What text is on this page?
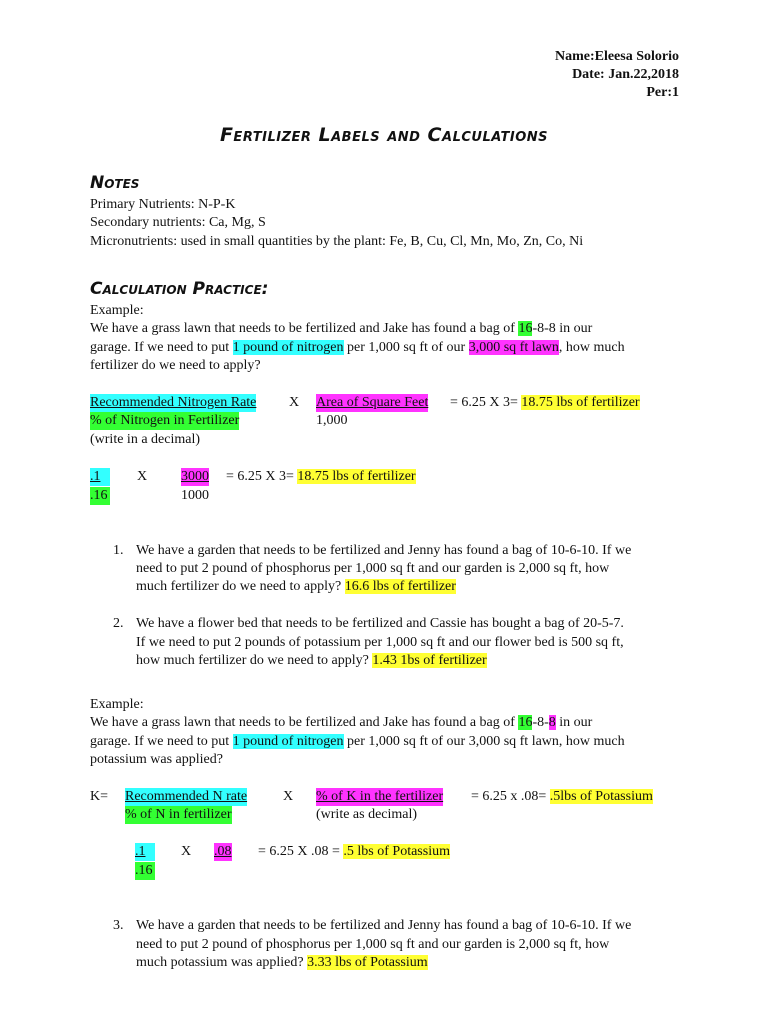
Name:Eleesa Solorio
Date: Jan.22,2018
Per:1
Fertilizer Labels and Calculations
Notes
Primary Nutrients: N-P-K
Secondary nutrients: Ca, Mg, S
Micronutrients: used in small quantities by the plant: Fe, B, Cu, Cl, Mn, Mo, Zn, Co, Ni
Calculation Practice:
Example:
We have a grass lawn that needs to be fertilized and Jake has found a bag of 16-8-8 in our
garage. If we need to put 1 pound of nitrogen per 1,000 sq ft of our 3,000 sq ft lawn, how much
fertilizer do we need to apply?
Recommended Nitrogen Rate X Area of Square Feet = 6.25 X 3= 18.75 lbs of fertilizer
% of Nitrogen in Fertilizer	1,000
(write in a decimal)
.1	X 3000 = 6.25 X 3= 18.75 lbs of fertilizer
.16	1000
1. We have a garden that needs to be fertilized and Jenny has found a bag of 10-6-10. If we
need to put 2 pound of phosphorus per 1,000 sq ft and our garden is 2,000 sq ft, how
much fertilizer do we need to apply? 16.6 lbs of fertilizer
2. We have a flower bed that needs to be fertilized and Cassie has bought a bag of 20-5-7.
If we need to put 2 pounds of potassium per 1,000 sq ft and our flower bed is 500 sq ft,
how much fertilizer do we need to apply? 1.43 1bs of fertilizer
Example:
We have a grass lawn that needs to be fertilized and Jake has found a bag of 16-8-8 in our
garage. If we need to put 1 pound of nitrogen per 1,000 sq ft of our 3,000 sq ft lawn, how much
potassium was applied?
K= Recommended N rate	X % of K in the fertilizer = 6.25 x .08= .5lbs of Potassium
% of N in fertilizer	(write as decimal)
.1	X .08 = 6.25 X .08 = .5 lbs of Potassium
.16
3. We have a garden that needs to be fertilized and Jenny has found a bag of 10-6-10. If we
need to put 2 pound of phosphorus per 1,000 sq ft and our garden is 2,000 sq ft, how
much potassium was applied? 3.33 lbs of Potassium
